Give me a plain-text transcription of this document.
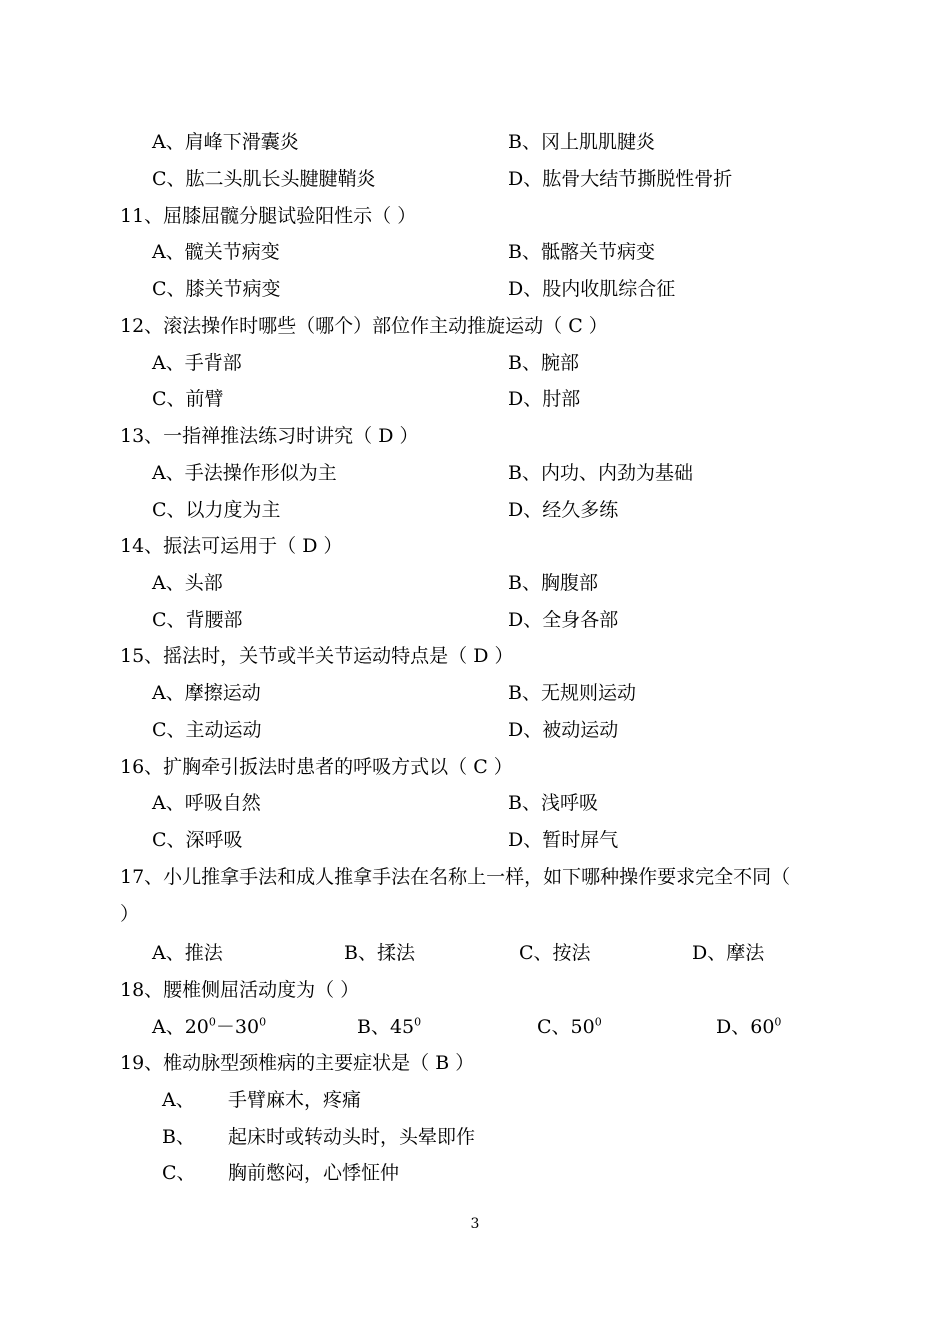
A、肩峰下滑囊炎	B、冈上肌肌腱炎
C、肱二头肌长头腱腱鞘炎	D、肱骨大结节撕脱性骨折
11、屈膝屈髋分腿试验阳性示（ ）
A、髋关节病变	B、骶髂关节病变
C、膝关节病变	D、股内收肌综合征
12、滚法操作时哪些（哪个）部位作主动推旋运动（ C ）
A、手背部	B、腕部
C、前臂	D、肘部
13、一指禅推法练习时讲究（ D ）
A、手法操作形似为主	B、内功、内劲为基础
C、以力度为主	D、经久多练
14、振法可运用于（ D ）
A、头部	B、胸腹部
C、背腰部	D、全身各部
15、摇法时，关节或半关节运动特点是（ D ）
A、摩擦运动	B、无规则运动
C、主动运动	D、被动运动
16、扩胸牵引扳法时患者的呼吸方式以（ C ）
A、呼吸自然	B、浅呼吸
C、深呼吸	D、暂时屏气
17、小儿推拿手法和成人推拿手法在名称上一样，如下哪种操作要求完全不同（
）
A、推法	B、揉法	C、按法	D、摩法
18、腰椎侧屈活动度为（ ）
A、$20^0-30^0$	B、$45^0$	C、$50^0$	D、$60^0$
19、椎动脉型颈椎病的主要症状是（ B ）
A、 手臂麻木，疼痛
B、 起床时或转动头时，头晕即作
C、 胸前憋闷，心悸怔仲
3
